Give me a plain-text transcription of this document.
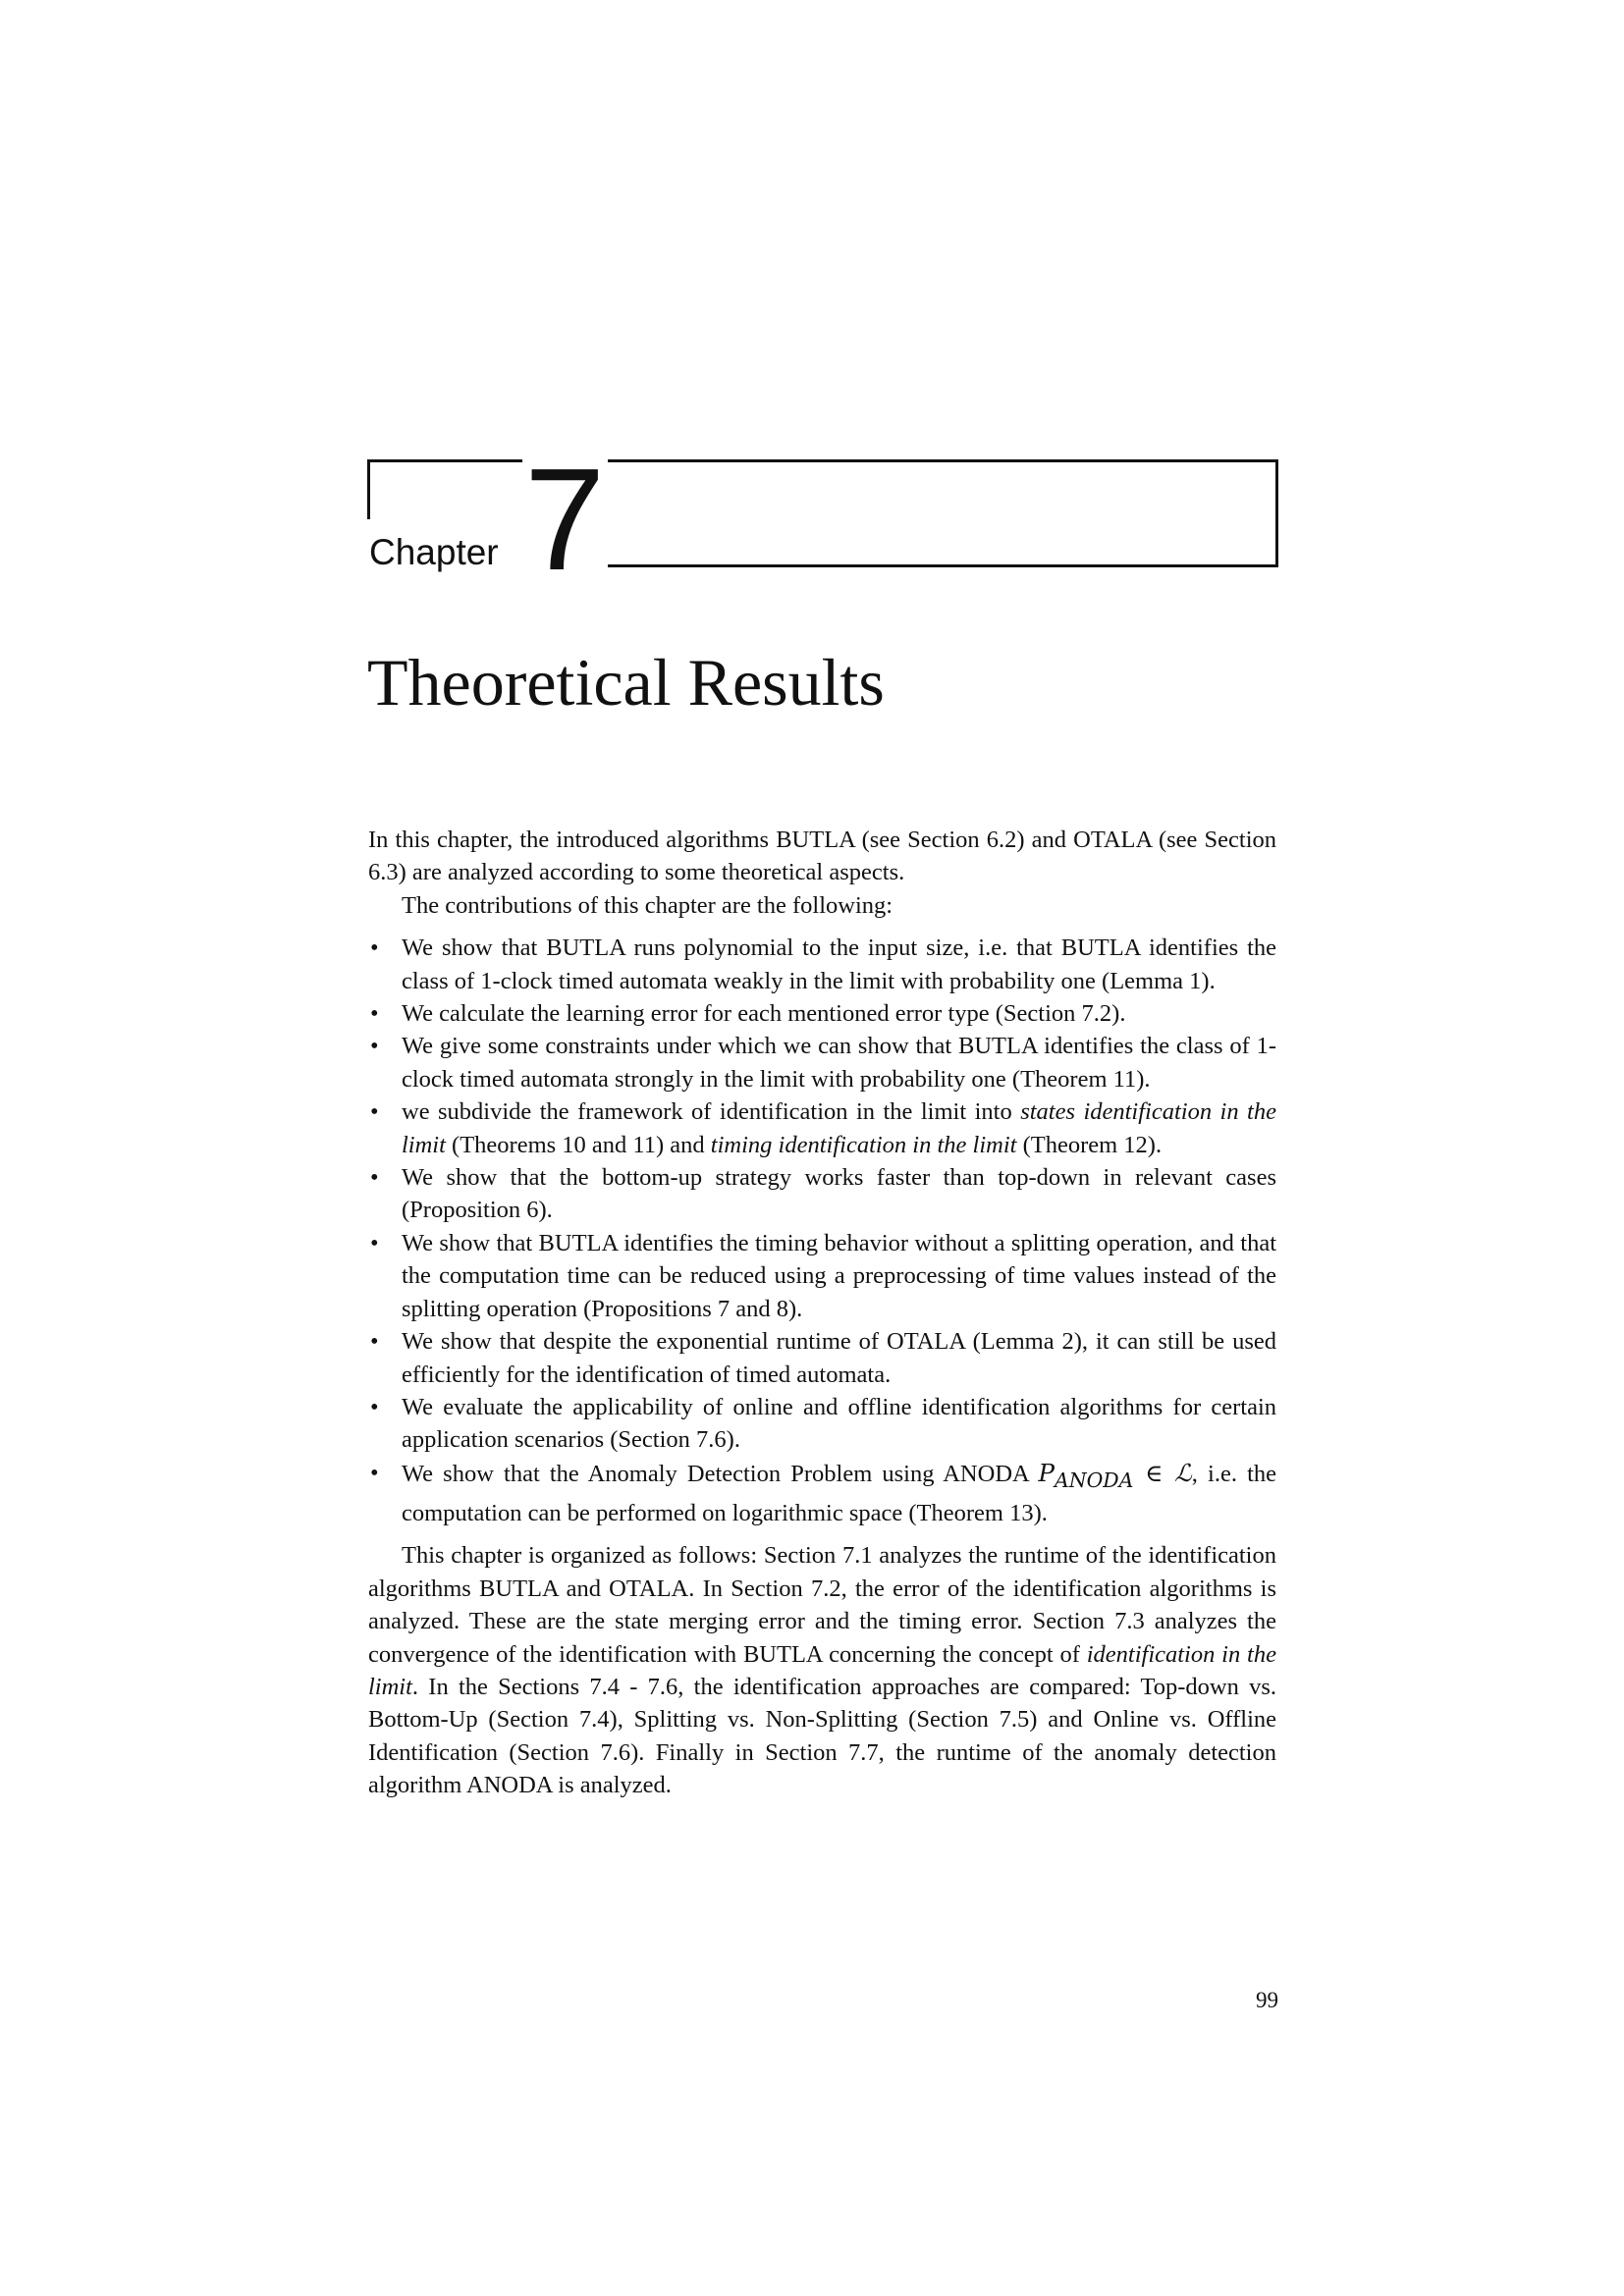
Chapter 7
Theoretical Results

In this chapter, the introduced algorithms BUTLA (see Section 6.2) and OTALA (see Section 6.3) are analyzed according to some theoretical aspects.

The contributions of this chapter are the following:

• We show that BUTLA runs polynomial to the input size, i.e. that BUTLA identifies the class of 1-clock timed automata weakly in the limit with probability one (Lemma 1).
• We calculate the learning error for each mentioned error type (Section 7.2).
• We give some constraints under which we can show that BUTLA identifies the class of 1-clock timed automata strongly in the limit with probability one (Theorem 11).
• we subdivide the framework of identification in the limit into states identification in the limit (Theorems 10 and 11) and timing identification in the limit (Theorem 12).
• We show that the bottom-up strategy works faster than top-down in relevant cases (Proposition 6).
• We show that BUTLA identifies the timing behavior without a splitting operation, and that the computation time can be reduced using a preprocessing of time values instead of the splitting operation (Propositions 7 and 8).
• We show that despite the exponential runtime of OTALA (Lemma 2), it can still be used efficiently for the identification of timed automata.
• We evaluate the applicability of online and offline identification algorithms for certain application scenarios (Section 7.6).
• We show that the Anomaly Detection Problem using ANODA $P_{ANODA}$ ∈ ℒ, i.e. the computation can be performed on logarithmic space (Theorem 13).

This chapter is organized as follows: Section 7.1 analyzes the runtime of the identification algorithms BUTLA and OTALA. In Section 7.2, the error of the identification algorithms is analyzed. These are the state merging error and the timing error. Section 7.3 analyzes the convergence of the identification with BUTLA concerning the concept of identification in the limit. In the Sections 7.4 - 7.6, the identification approaches are compared: Top-down vs. Bottom-Up (Section 7.4), Splitting vs. Non-Splitting (Section 7.5) and Online vs. Offline Identification (Section 7.6). Finally in Section 7.7, the runtime of the anomaly detection algorithm ANODA is analyzed.

99
